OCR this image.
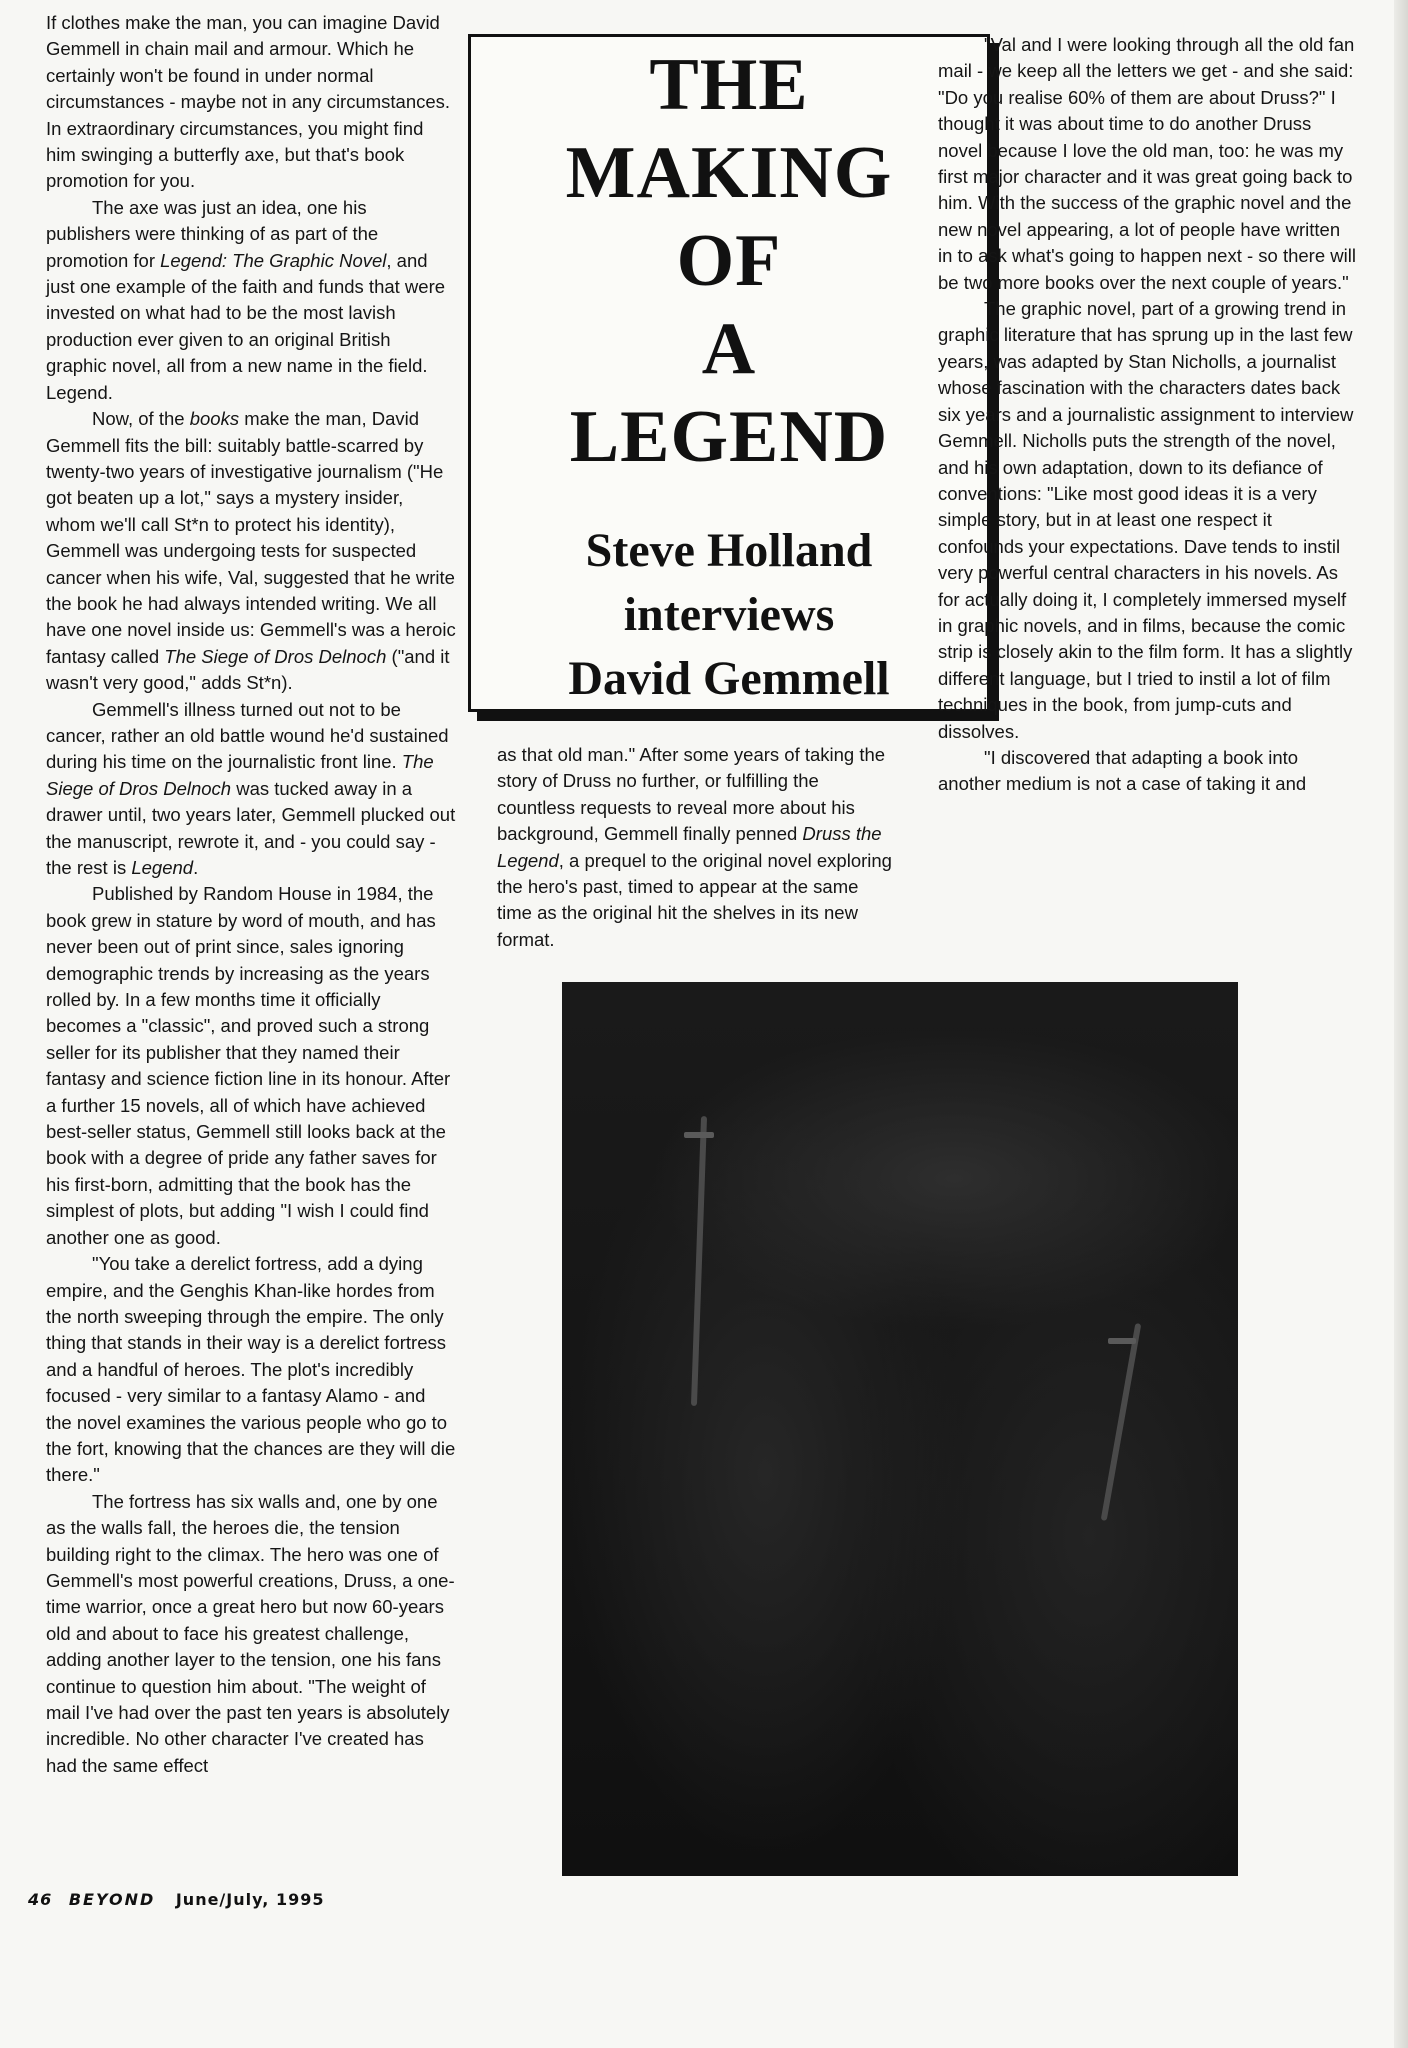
If clothes make the man, you can imagine David Gemmell in chain mail and armour. Which he certainly won't be found in under normal circumstances - maybe not in any circumstances. In extraordinary circumstances, you might find him swinging a butterfly axe, but that's book promotion for you.

The axe was just an idea, one his publishers were thinking of as part of the promotion for Legend: The Graphic Novel, and just one example of the faith and funds that were invested on what had to be the most lavish production ever given to an original British graphic novel, all from a new name in the field. Legend.

Now, of the books make the man, David Gemmell fits the bill: suitably battle-scarred by twenty-two years of investigative journalism ("He got beaten up a lot," says a mystery insider, whom we'll call St*n to protect his identity), Gemmell was undergoing tests for suspected cancer when his wife, Val, suggested that he write the book he had always intended writing. We all have one novel inside us: Gemmell's was a heroic fantasy called The Siege of Dros Delnoch ("and it wasn't very good," adds St*n).

Gemmell's illness turned out not to be cancer, rather an old battle wound he'd sustained during his time on the journalistic front line. The Siege of Dros Delnoch was tucked away in a drawer until, two years later, Gemmell plucked out the manuscript, rewrote it, and - you could say - the rest is Legend.

Published by Random House in 1984, the book grew in stature by word of mouth, and has never been out of print since, sales ignoring demographic trends by increasing as the years rolled by. In a few months time it officially becomes a "classic", and proved such a strong seller for its publisher that they named their fantasy and science fiction line in its honour. After a further 15 novels, all of which have achieved best-seller status, Gemmell still looks back at the book with a degree of pride any father saves for his first-born, admitting that the book has the simplest of plots, but adding "I wish I could find another one as good.

"You take a derelict fortress, add a dying empire, and the Genghis Khan-like hordes from the north sweeping through the empire. The only thing that stands in their way is a derelict fortress and a handful of heroes. The plot's incredibly focused - very similar to a fantasy Alamo - and the novel examines the various people who go to the fort, knowing that the chances are they will die there."

The fortress has six walls and, one by one as the walls fall, the heroes die, the tension building right to the climax. The hero was one of Gemmell's most powerful creations, Druss, a one-time warrior, once a great hero but now 60-years old and about to face his greatest challenge, adding another layer to the tension, one his fans continue to question him about. "The weight of mail I've had over the past ten years is absolutely incredible. No other character I've created has had the same effect

THE
MAKING
OF
A
LEGEND
Steve Holland
interviews
David Gemmell

as that old man." After some years of taking the story of Druss no further, or fulfilling the countless requests to reveal more about his background, Gemmell finally penned Druss the Legend, a prequel to the original novel exploring the hero's past, timed to appear at the same time as the original hit the shelves in its new format.

"Val and I were looking through all the old fan mail - we keep all the letters we get - and she said: "Do you realise 60% of them are about Druss?" I thought it was about time to do another Druss novel because I love the old man, too: he was my first major character and it was great going back to him. With the success of the graphic novel and the new novel appearing, a lot of people have written in to ask what's going to happen next - so there will be two more books over the next couple of years."

The graphic novel, part of a growing trend in graphic literature that has sprung up in the last few years, was adapted by Stan Nicholls, a journalist whose fascination with the characters dates back six years and a journalistic assignment to interview Gemmell. Nicholls puts the strength of the novel, and his own adaptation, down to its defiance of conventions: "Like most good ideas it is a very simple story, but in at least one respect it confounds your expectations. Dave tends to instil very powerful central characters in his novels. As for actually doing it, I completely immersed myself in graphic novels, and in films, because the comic strip is closely akin to the film form. It has a slightly different language, but I tried to instil a lot of film techniques in the book, from jump-cuts and dissolves.

"I discovered that adapting a book into another medium is not a case of taking it and

46 BEYOND June/July, 1995
